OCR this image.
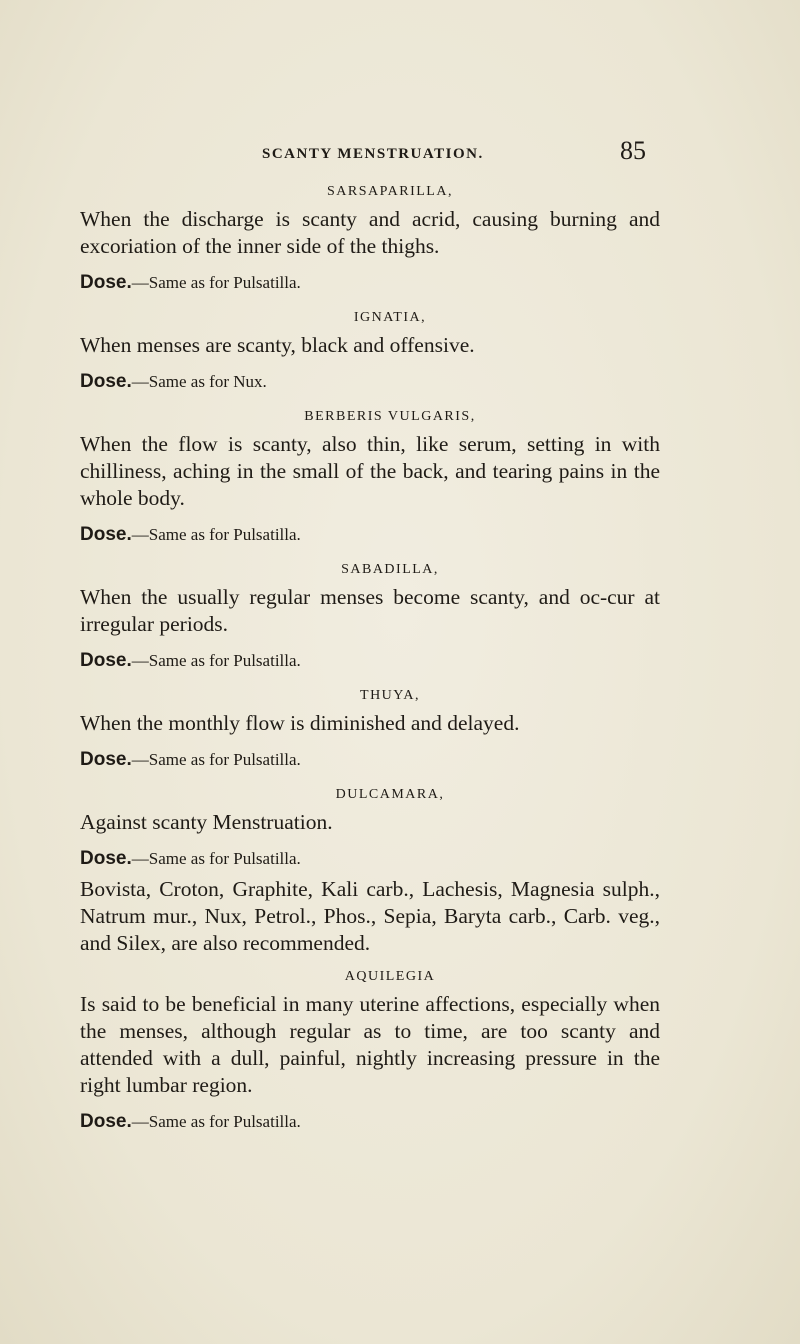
SCANTY MENSTRUATION.	85
SARSAPARILLA,

When the discharge is scanty and acrid, causing burning and excoriation of the inner side of the thighs.

Dose.—Same as for Pulsatilla.

IGNATIA,

When menses are scanty, black and offensive.

Dose.—Same as for Nux.

BERBERIS VULGARIS,

When the flow is scanty, also thin, like serum, setting in with chilliness, aching in the small of the back, and tearing pains in the whole body.

Dose.—Same as for Pulsatilla.

SABADILLA,

When the usually regular menses become scanty, and oc-cur at irregular periods.

Dose.—Same as for Pulsatilla.

THUYA,

When the monthly flow is diminished and delayed.

Dose.—Same as for Pulsatilla.

DULCAMARA,

Against scanty Menstruation.

Dose.—Same as for Pulsatilla.

Bovista, Croton, Graphite, Kali carb., Lachesis, Magnesia sulph., Natrum mur., Nux, Petrol., Phos., Sepia, Baryta carb., Carb. veg., and Silex, are also recommended.

AQUILEGIA

Is said to be beneficial in many uterine affections, especially when the menses, although regular as to time, are too scanty and attended with a dull, painful, nightly increasing pressure in the right lumbar region.

Dose.—Same as for Pulsatilla.
